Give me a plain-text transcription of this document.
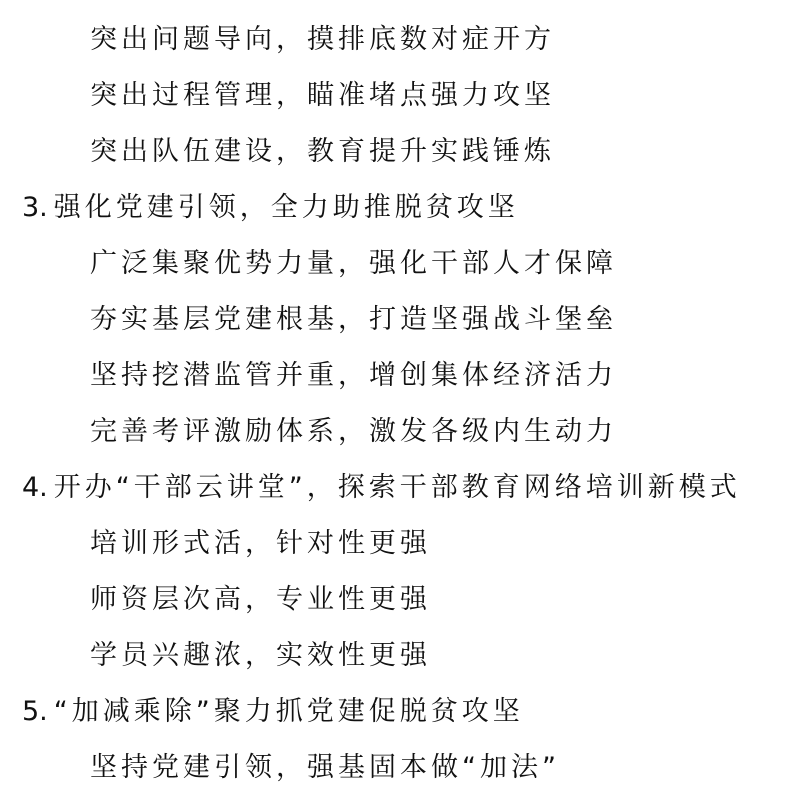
突出问题导向，摸排底数对症开方
突出过程管理，瞄准堵点强力攻坚
突出队伍建设，教育提升实践锤炼
3. 强化党建引领，全力助推脱贫攻坚
广泛集聚优势力量，强化干部人才保障
夯实基层党建根基，打造坚强战斗堡垒
坚持挖潜监管并重，增创集体经济活力
完善考评激励体系，激发各级内生动力
4. 开办“干部云讲堂”，探索干部教育网络培训新模式
培训形式活，针对性更强
师资层次高，专业性更强
学员兴趣浓，实效性更强
5. “加减乘除”聚力抓党建促脱贫攻坚
坚持党建引领，强基固本做“加法”
